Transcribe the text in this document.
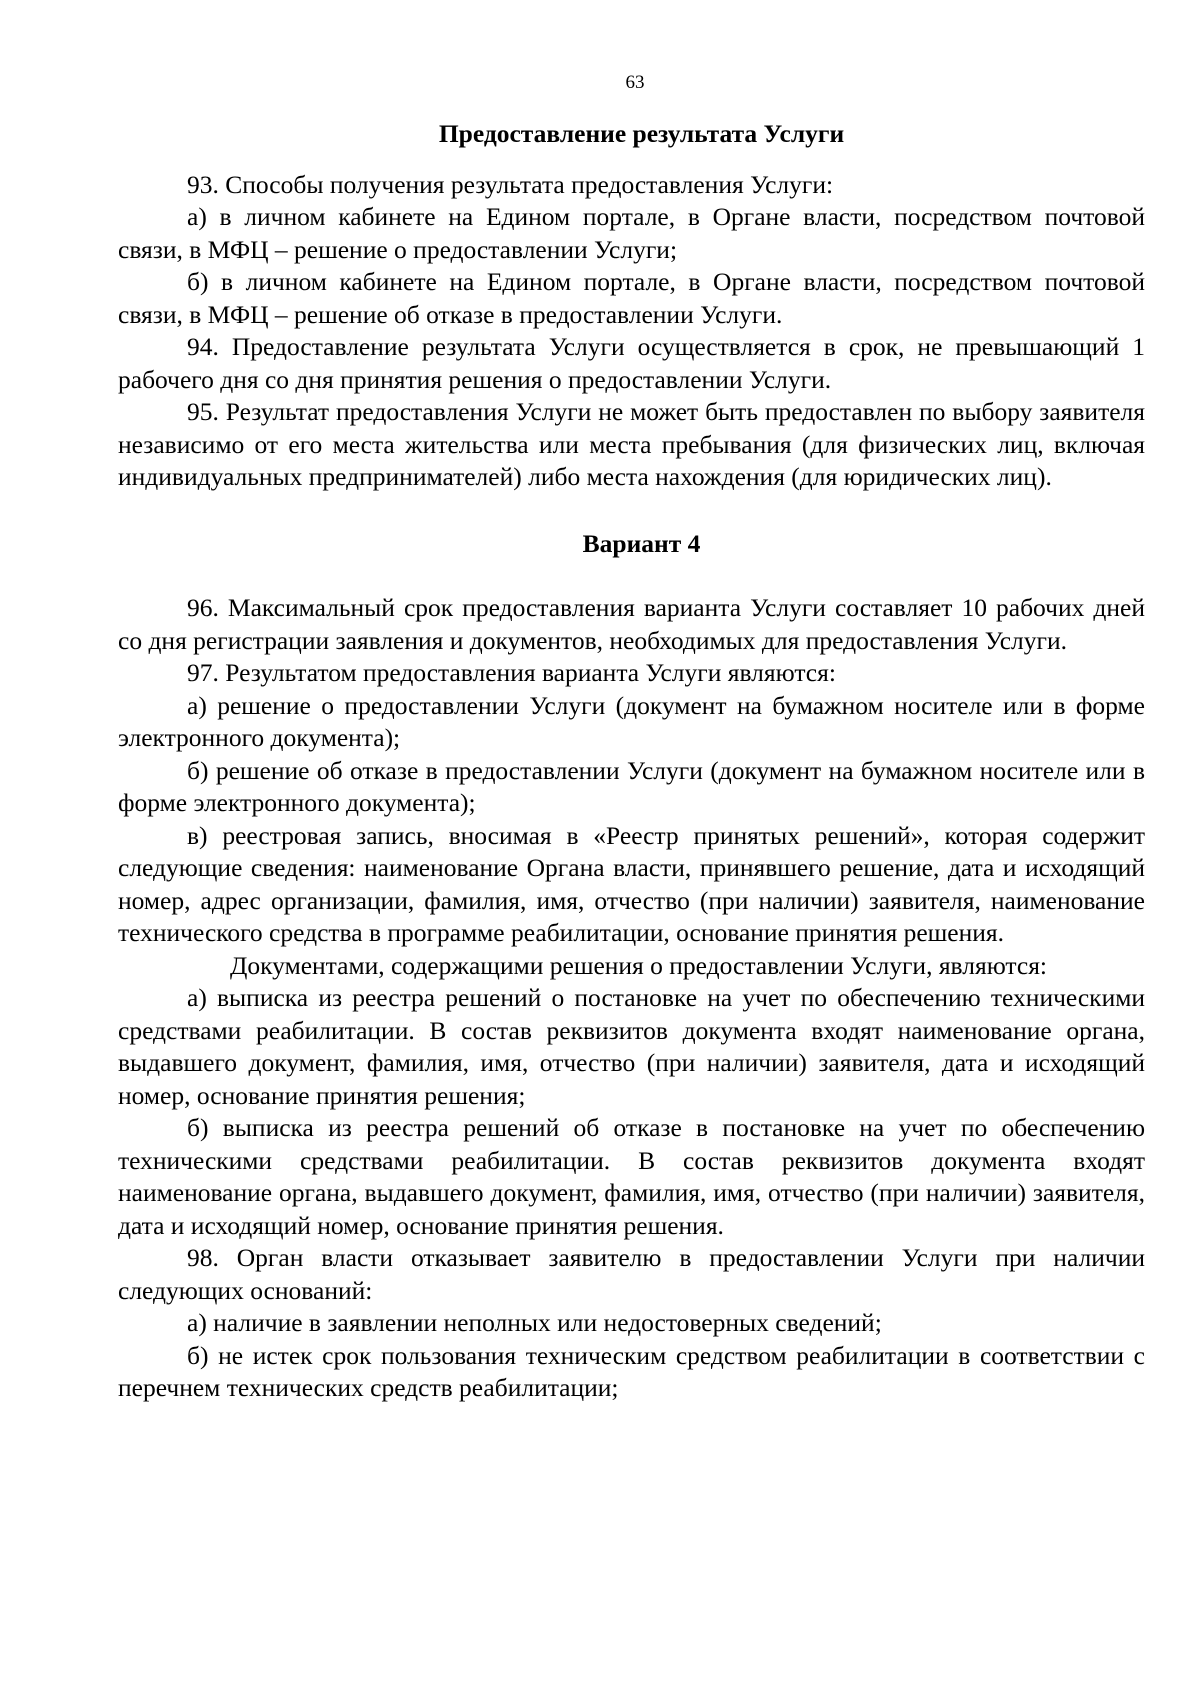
63
Предоставление результата Услуги

93. Способы получения результата предоставления Услуги:

а) в личном кабинете на Едином портале, в Органе власти, посредством почтовой связи, в МФЦ – решение о предоставлении Услуги;

б) в личном кабинете на Едином портале, в Органе власти, посредством почтовой связи, в МФЦ – решение об отказе в предоставлении Услуги.

94. Предоставление результата Услуги осуществляется в срок, не превышающий 1 рабочего дня со дня принятия решения о предоставлении Услуги.

95. Результат предоставления Услуги не может быть предоставлен по выбору заявителя независимо от его места жительства или места пребывания (для физических лиц, включая индивидуальных предпринимателей) либо места нахождения (для юридических лиц).

Вариант 4

96. Максимальный срок предоставления варианта Услуги составляет 10 рабочих дней со дня регистрации заявления и документов, необходимых для предоставления Услуги.

97. Результатом предоставления варианта Услуги являются:

а) решение о предоставлении Услуги (документ на бумажном носителе или в форме электронного документа);

б) решение об отказе в предоставлении Услуги (документ на бумажном носителе или в форме электронного документа);

в) реестровая запись, вносимая в «Реестр принятых решений», которая содержит следующие сведения: наименование Органа власти, принявшего решение, дата и исходящий номер, адрес организации, фамилия, имя, отчество (при наличии) заявителя, наименование технического средства в программе реабилитации, основание принятия решения.

Документами, содержащими решения о предоставлении Услуги, являются:

а) выписка из реестра решений о постановке на учет по обеспечению техническими средствами реабилитации. В состав реквизитов документа входят наименование органа, выдавшего документ, фамилия, имя, отчество (при наличии) заявителя, дата и исходящий номер, основание принятия решения;

б) выписка из реестра решений об отказе в постановке на учет по обеспечению техническими средствами реабилитации. В состав реквизитов документа входят наименование органа, выдавшего документ, фамилия, имя, отчество (при наличии) заявителя, дата и исходящий номер, основание принятия решения.

98. Орган власти отказывает заявителю в предоставлении Услуги при наличии следующих оснований:

а) наличие в заявлении неполных или недостоверных сведений;

б) не истек срок пользования техническим средством реабилитации в соответствии с перечнем технических средств реабилитации;
